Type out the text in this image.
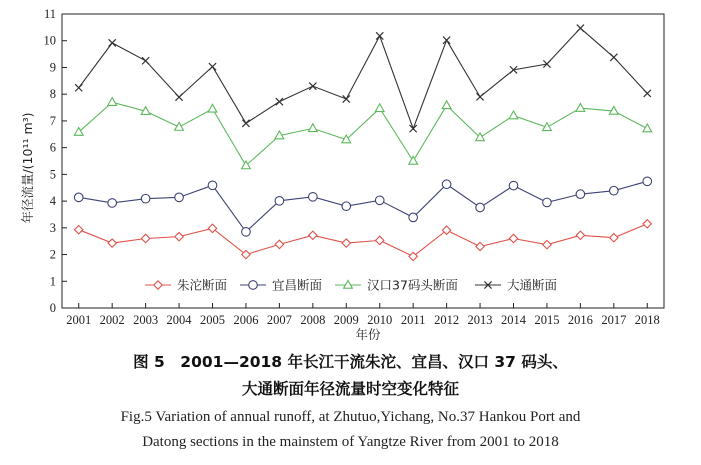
0
1
2
3
4
5
6
7
8
9
10
11
2001 2002 2003 2004 2005 2006 2007 2008 2009 2010 2011 2012 2013 2014 2015 2016 2017 2018
朱沱断面	宜昌断面	汉口37码头断面	大通断面
年径流量/(10¹¹ m³)
年份
图 5　2001—2018 年长江干流朱沱、宜昌、汉口 37 码头、
大通断面年径流量时空变化特征
Fig.5 Variation of annual runoff, at Zhutuo,Yichang, No.37 Hankou Port and
Datong sections in the mainstem of Yangtze River from 2001 to 2018
